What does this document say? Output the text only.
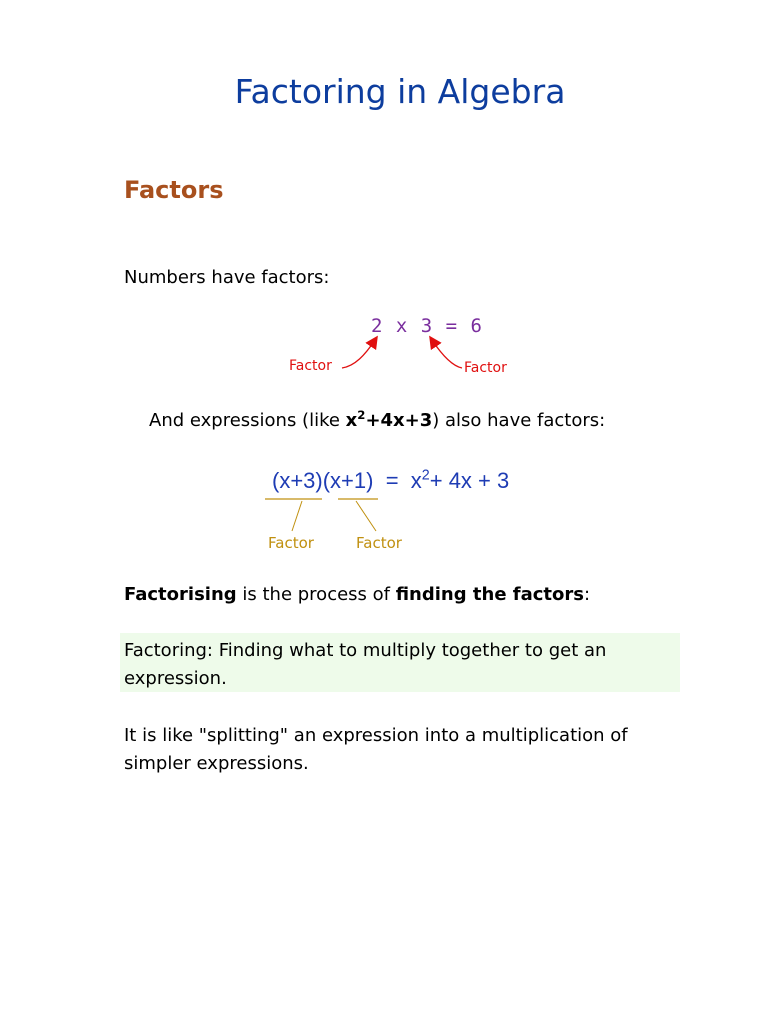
Factoring in Algebra
Factors
Numbers have factors:
2 x 3 = 6
Factor	Factor
And expressions (like $x^2+4x+3$) also have factors:
$(x+3)(x+1) = x^2+ 4x + 3$
Factor	Factor
Factorising is the process of finding the factors:
Factoring: Finding what to multiply together to get an expression.
It is like "splitting" an expression into a multiplication of simpler expressions.
